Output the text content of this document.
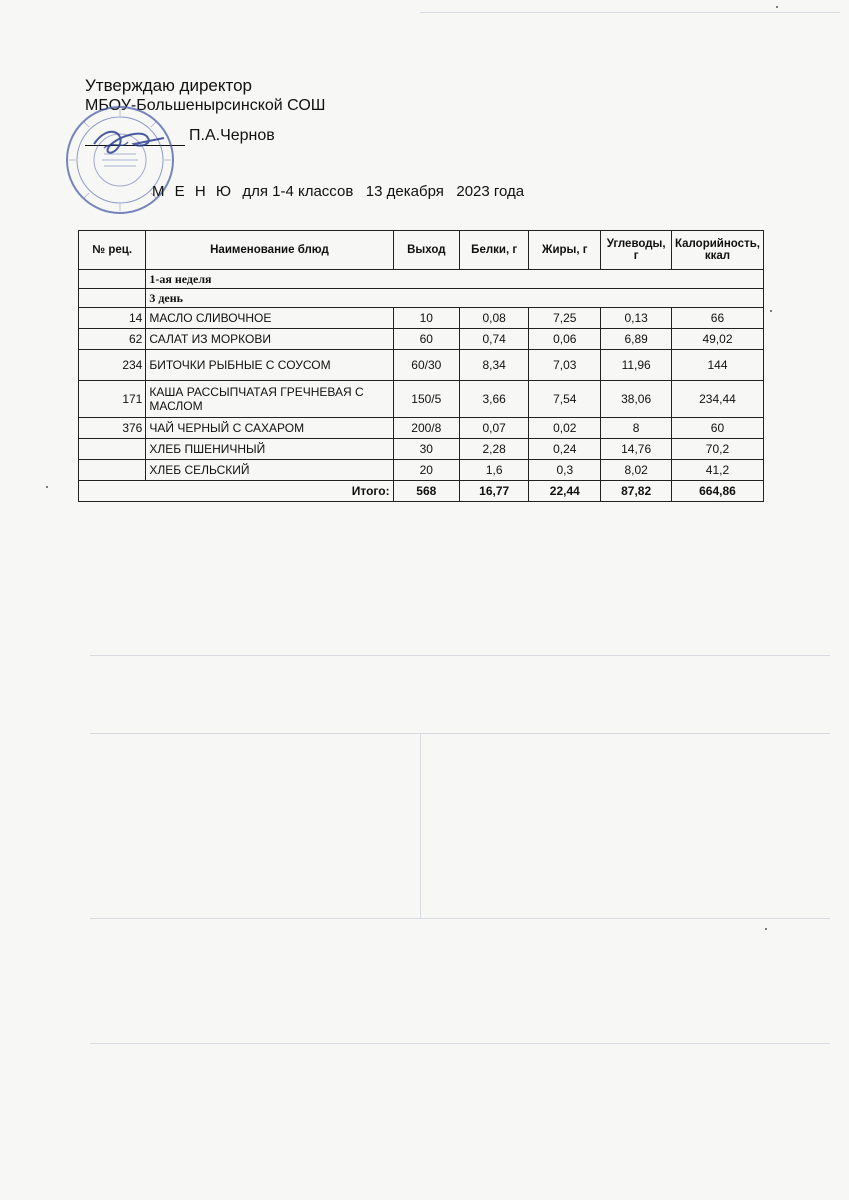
Утверждаю директор
МБОУ-Большенырсинской СОШ
П.А.Чернов
М Е Н Ю для 1-4 классов   13 декабря   2023 года
№ рец.	Наименование блюд	Выход	Белки, г	Жиры, г	Углеводы, г	Калорийность, ккал
	1-ая неделя					
	3 день					
14	МАСЛО СЛИВОЧНОЕ	10	0,08	7,25	0,13	66
62	САЛАТ ИЗ МОРКОВИ	60	0,74	0,06	6,89	49,02
234	БИТОЧКИ РЫБНЫЕ С СОУСОМ	60/30	8,34	7,03	11,96	144
171	КАША РАССЫПЧАТАЯ ГРЕЧНЕВАЯ С МАСЛОМ	150/5	3,66	7,54	38,06	234,44
376	ЧАЙ ЧЕРНЫЙ С САХАРОМ	200/8	0,07	0,02	8	60
	ХЛЕБ ПШЕНИЧНЫЙ	30	2,28	0,24	14,76	70,2
	ХЛЕБ СЕЛЬСКИЙ	20	1,6	0,3	8,02	41,2
Итого:		568	16,77	22,44	87,82	664,86
